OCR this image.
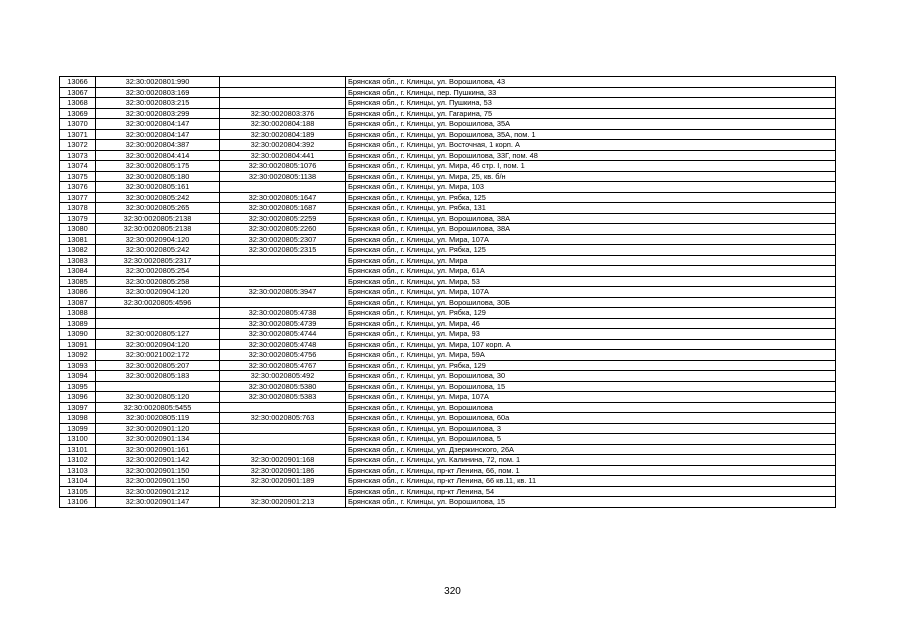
13066	32:30:0020801:990		Брянская обл., г. Клинцы, ул. Ворошилова, 43
13067	32:30:0020803:169		Брянская обл., г. Клинцы, пер. Пушкина, 33
13068	32:30:0020803:215		Брянская обл., г. Клинцы, ул. Пушкина, 53
13069	32:30:0020803:299	32:30:0020803:376	Брянская обл., г. Клинцы, ул. Гагарина, 75
13070	32:30:0020804:147	32:30:0020804:188	Брянская обл., г. Клинцы, ул. Ворошилова, 35А
13071	32:30:0020804:147	32:30:0020804:189	Брянская обл., г. Клинцы, ул. Ворошилова, 35А, пом. 1
13072	32:30:0020804:387	32:30:0020804:392	Брянская обл., г. Клинцы, ул. Восточная, 1 корп. А
13073	32:30:0020804:414	32:30:0020804:441	Брянская обл., г. Клинцы, ул. Ворошилова, 33Г, пом. 48
13074	32:30:0020805:175	32:30:0020805:1076	Брянская обл., г. Клинцы, ул. Мира, 46 стр. I, пом. 1
13075	32:30:0020805:180	32:30:0020805:1138	Брянская обл., г. Клинцы, ул. Мира, 25, кв. б/н
13076	32:30:0020805:161		Брянская обл., г. Клинцы, ул. Мира, 103
13077	32:30:0020805:242	32:30:0020805:1647	Брянская обл., г. Клинцы, ул. Рябка, 125
13078	32:30:0020805:265	32:30:0020805:1687	Брянская обл., г. Клинцы, ул. Рябка, 131
13079	32:30:0020805:2138	32:30:0020805:2259	Брянская обл., г. Клинцы, ул. Ворошилова, 38А
13080	32:30:0020805:2138	32:30:0020805:2260	Брянская обл., г. Клинцы, ул. Ворошилова, 38А
13081	32:30:0020904:120	32:30:0020805:2307	Брянская обл., г. Клинцы, ул. Мира, 107А
13082	32:30:0020805:242	32:30:0020805:2315	Брянская обл., г. Клинцы, ул. Рябка, 125
13083	32:30:0020805:2317		Брянская обл., г. Клинцы, ул. Мира
13084	32:30:0020805:254		Брянская обл., г. Клинцы, ул. Мира, 61А
13085	32:30:0020805:258		Брянская обл., г. Клинцы, ул. Мира, 53
13086	32:30:0020904:120	32:30:0020805:3947	Брянская обл., г. Клинцы, ул. Мира, 107А
13087	32:30:0020805:4596		Брянская обл., г. Клинцы, ул. Ворошилова, 30Б
13088		32:30:0020805:4738	Брянская обл., г. Клинцы, ул. Рябка, 129
13089		32:30:0020805:4739	Брянская обл., г. Клинцы, ул. Мира, 46
13090	32:30:0020805:127	32:30:0020805:4744	Брянская обл., г. Клинцы, ул. Мира, 93
13091	32:30:0020904:120	32:30:0020805:4748	Брянская обл., г. Клинцы, ул. Мира, 107 корп. А
13092	32:30:0021002:172	32:30:0020805:4756	Брянская обл., г. Клинцы, ул. Мира, 59А
13093	32:30:0020805:207	32:30:0020805:4767	Брянская обл., г. Клинцы, ул. Рябка, 129
13094	32:30:0020805:183	32:30:0020805:492	Брянская обл., г. Клинцы, ул. Ворошилова, 30
13095		32:30:0020805:5380	Брянская обл., г. Клинцы, ул. Ворошилова, 15
13096	32:30:0020805:120	32:30:0020805:5383	Брянская обл., г. Клинцы, ул. Мира, 107А
13097	32:30:0020805:5455		Брянская обл., г. Клинцы, ул. Ворошилова
13098	32:30:0020805:119	32:30:0020805:763	Брянская обл., г. Клинцы, ул. Ворошилова, 60а
13099	32:30:0020901:120		Брянская обл., г. Клинцы, ул. Ворошилова, 3
13100	32:30:0020901:134		Брянская обл., г. Клинцы, ул. Ворошилова, 5
13101	32:30:0020901:161		Брянская обл., г. Клинцы, ул. Дзержинского, 26А
13102	32:30:0020901:142	32:30:0020901:168	Брянская обл., г. Клинцы, ул. Калинина, 72, пом. 1
13103	32:30:0020901:150	32:30:0020901:186	Брянская обл., г. Клинцы, пр-кт Ленина, 66, пом. 1
13104	32:30:0020901:150	32:30:0020901:189	Брянская обл., г. Клинцы, пр-кт Ленина, 66 кв.11, кв. 11
13105	32:30:0020901:212		Брянская обл., г. Клинцы, пр-кт Ленина, 54
13106	32:30:0020901:147	32:30:0020901:213	Брянская обл., г. Клинцы, ул. Ворошилова, 15
320
